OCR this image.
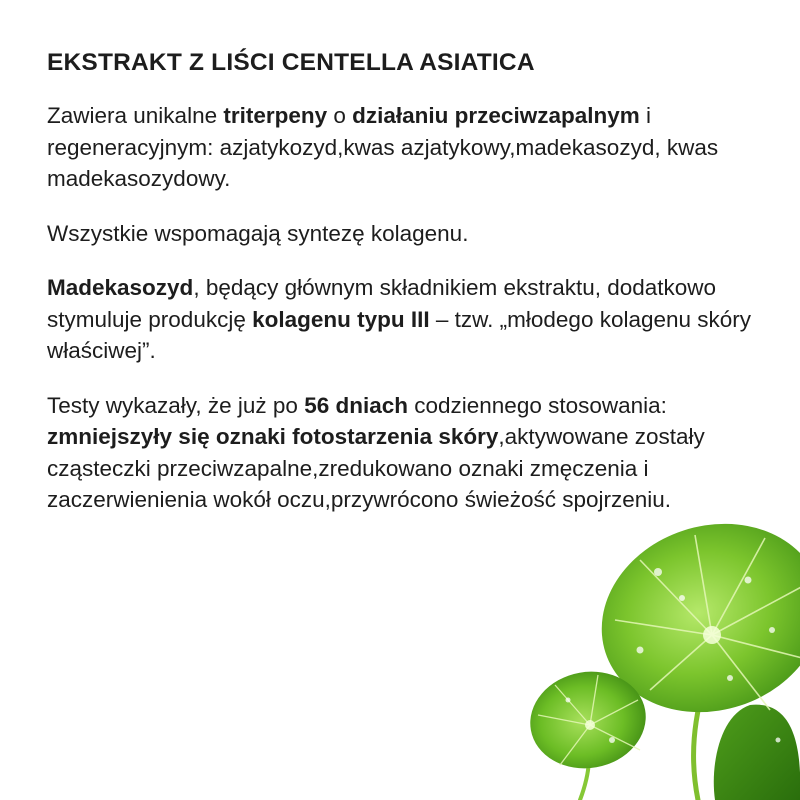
EKSTRAKT Z LIŚCI CENTELLA ASIATICA

Zawiera unikalne triterpeny o działaniu przeciwzapalnym i regeneracyjnym: azjatykozyd,kwas azjatykowy,madekasozyd, kwas madekasozydowy.

Wszystkie wspomagają syntezę kolagenu.

Madekasozyd, będący głównym składnikiem ekstraktu, dodatkowo stymuluje produkcję kolagenu typu III – tzw. „młodego kolagenu skóry właściwej”.

Testy wykazały, że już po 56 dniach codziennego stosowania: zmniejszyły się oznaki fotostarzenia skóry,aktywowane zostały cząsteczki przeciwzapalne,zredukowano oznaki zmęczenia i zaczerwienienia wokół oczu,przywrócono świeżość spojrzeniu.
